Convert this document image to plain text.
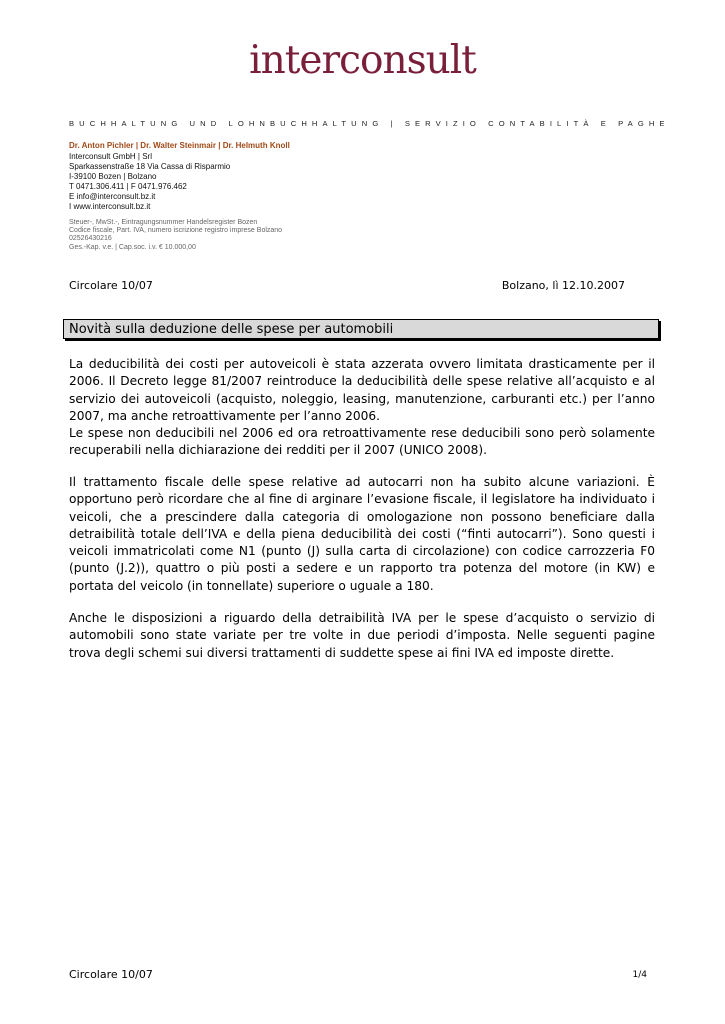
interconsult
BUCHHALTUNG UND LOHNBUCHHALTUNG | SERVIZIO CONTABILITÀ E PAGHE
Dr. Anton Pichler | Dr. Walter Steinmair | Dr. Helmuth Knoll
Interconsult GmbH | Srl
Sparkassenstraße 18 Via Cassa di Risparmio
I-39100 Bozen | Bolzano
T 0471.306.411 | F 0471.976.462
E info@interconsult.bz.it
I www.interconsult.bz.it
Steuer-, MwSt.-, Eintragungsnummer Handelsregister Bozen
Codice fiscale, Part. IVA, numero iscrizione registro imprese Bolzano
02526430216
Ges.-Kap. v.e. | Cap.soc. i.v. € 10.000,00
Circolare 10/07	Bolzano, lì 12.10.2007
Novità sulla deduzione delle spese per automobili

La deducibilità dei costi per autoveicoli è stata azzerata ovvero limitata drasticamente per il 2006. Il Decreto legge 81/2007 reintroduce la deducibilità delle spese relative all’acquisto e al servizio dei autoveicoli (acquisto, noleggio, leasing, manutenzione, carburanti etc.) per l’anno 2007, ma anche retroattivamente per l’anno 2006.

Le spese non deducibili nel 2006 ed ora retroattivamente rese deducibili sono però solamente recuperabili nella dichiarazione dei redditi per il 2007 (UNICO 2008).

Il trattamento fiscale delle spese relative ad autocarri non ha subito alcune variazioni. È opportuno però ricordare che al fine di arginare l’evasione fiscale, il legislatore ha individuato i veicoli, che a prescindere dalla categoria di omologazione non possono beneficiare dalla detraibilità totale dell’IVA e della piena deducibilità dei costi (“finti autocarri”). Sono questi i veicoli immatricolati come N1 (punto (J) sulla carta di circolazione) con codice carrozzeria F0 (punto (J.2)), quattro o più posti a sedere e un rapporto tra potenza del motore (in KW) e portata del veicolo (in tonnellate) superiore o uguale a 180.

Anche le disposizioni a riguardo della detraibilità IVA per le spese d’acquisto o servizio di automobili sono state variate per tre volte in due periodi d’imposta. Nelle seguenti pagine trova degli schemi sui diversi trattamenti di suddette spese ai fini IVA ed imposte dirette.

Circolare 10/07	1/4
